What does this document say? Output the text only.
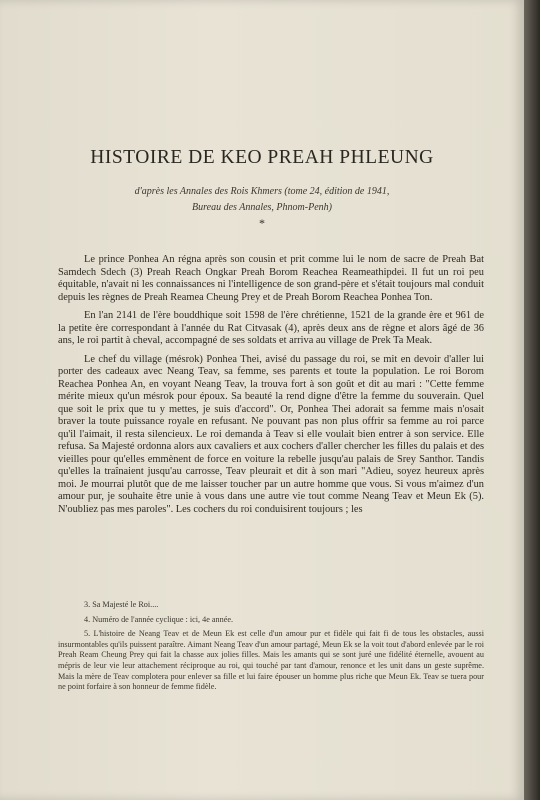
HISTOIRE DE KEO PREAH PHLEUNG
d'après les Annales des Rois Khmers (tome 24, édition de 1941,
Bureau des Annales, Phnom-Penh)
*

Le prince Ponhea An régna après son cousin et prit comme lui le nom de sacre de Preah Bat Samdech Sdech (3) Preah Reach Ongkar Preah Borom Reachea Reameathipdei. Il fut un roi peu équitable, n'avait ni les connaissances ni l'intelligence de son grand-père et s'était toujours mal conduit depuis les règnes de Preah Reamea Cheung Prey et de Preah Borom Reachea Ponhea Ton.

En l'an 2141 de l'ère bouddhique soit 1598 de l'ère chrétienne, 1521 de la grande ère et 961 de la petite ère correspondant à l'année du Rat Citvasak (4), après deux ans de règne et alors âgé de 36 ans, le roi partit à cheval, accompagné de ses soldats et arriva au village de Prek Ta Meak.

Le chef du village (mésrok) Ponhea Thei, avisé du passage du roi, se mit en devoir d'aller lui porter des cadeaux avec Neang Teav, sa femme, ses parents et toute la population. Le roi Borom Reachea Ponhea An, en voyant Neang Teav, la trouva fort à son goût et dit au mari : "Cette femme mérite mieux qu'un mésrok pour époux. Sa beauté la rend digne d'être la femme du souverain. Quel que soit le prix que tu y mettes, je suis d'accord". Or, Ponhea Thei adorait sa femme mais n'osait braver la toute puissance royale en refusant. Ne pouvant pas non plus offrir sa femme au roi parce qu'il l'aimait, il resta silencieux. Le roi demanda à Teav si elle voulait bien entrer à son service. Elle refusa. Sa Majesté ordonna alors aux cavaliers et aux cochers d'aller chercher les filles du palais et des vieilles pour qu'elles emmènent de force en voiture la rebelle jusqu'au palais de Srey Santhor. Tandis qu'elles la traînaient jusqu'au carrosse, Teav pleurait et dit à son mari "Adieu, soyez heureux après moi. Je mourrai plutôt que de me laisser toucher par un autre homme que vous. Si vous m'aimez d'un amour pur, je souhaite être unie à vous dans une autre vie tout comme Neang Teav et Meun Ek (5). N'oubliez pas mes paroles". Les cochers du roi conduisirent toujours ; les

3. Sa Majesté le Roi....

4. Numéro de l'année cyclique : ici, 4e année.

5. L'histoire de Neang Teav et de Meun Ek est celle d'un amour pur et fidèle qui fait fi de tous les obstacles, aussi insurmontables qu'ils puissent paraître. Aimant Neang Teav d'un amour partagé, Meun Ek se la voit tout d'abord enlevée par le roi Preah Ream Cheung Prey qui fait la chasse aux jolies filles. Mais les amants qui se sont juré une fidélité éternelle, avouent au mépris de leur vie leur attachement réciproque au roi, qui touché par tant d'amour, renonce et les unit dans un geste suprême. Mais la mère de Teav complotera pour enlever sa fille et lui faire épouser un homme plus riche que Meun Ek. Teav se tuera pour ne point forfaire à son honneur de femme fidèle.
